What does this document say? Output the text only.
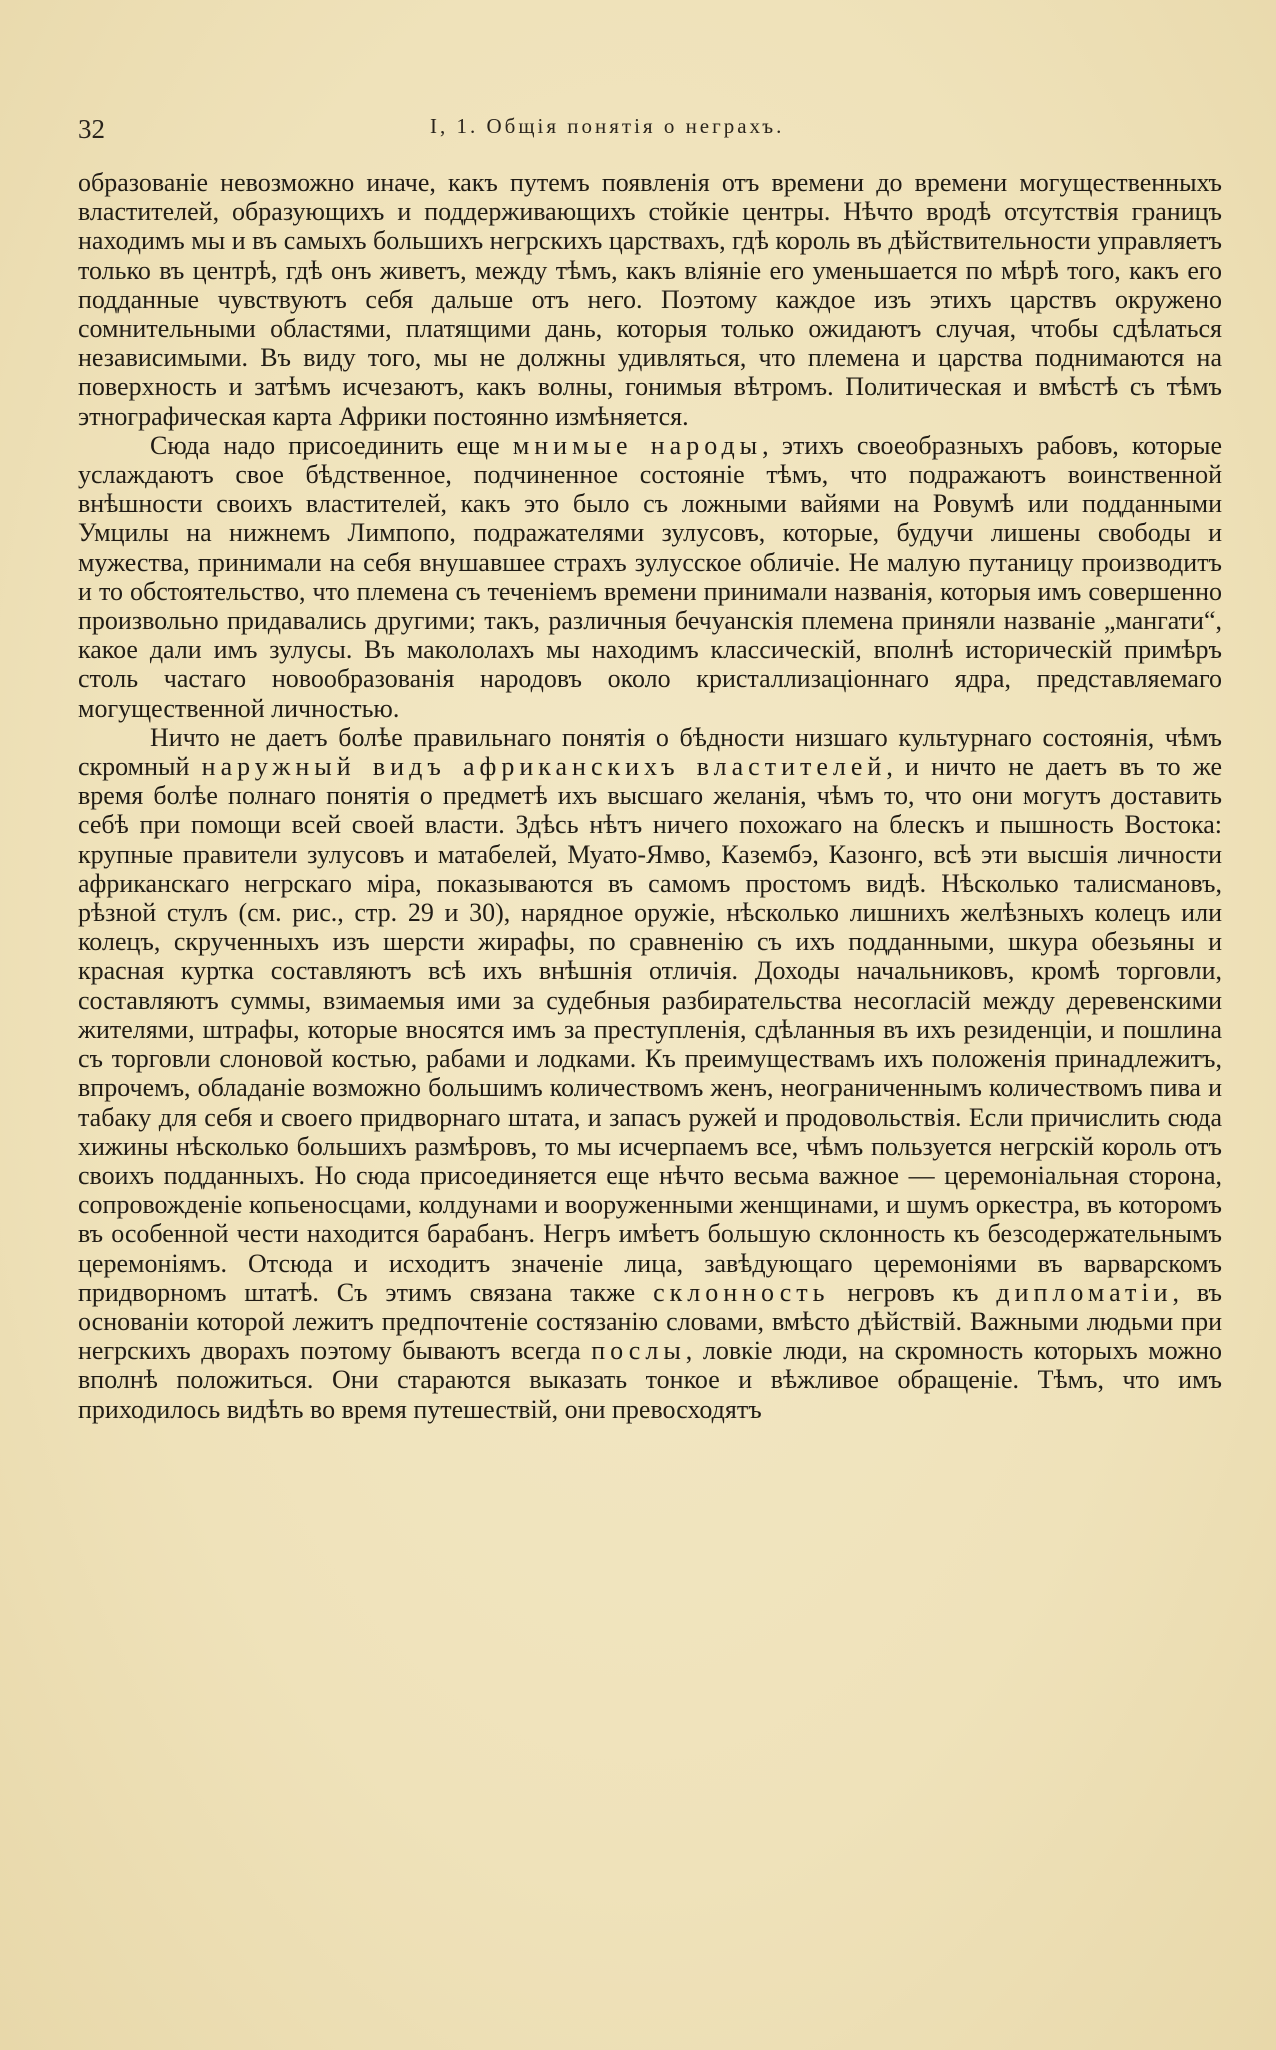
32	I, 1. Общія понятія о неграхъ.

образованіе невозможно иначе, какъ путемъ появленія отъ времени до времени могущественныхъ властителей, образующихъ и поддерживающихъ стойкіе центры. Нѣчто вродѣ отсутствія границъ находимъ мы и въ самыхъ большихъ негрскихъ царствахъ, гдѣ король въ дѣйствительности управляетъ только въ центрѣ, гдѣ онъ живетъ, между тѣмъ, какъ вліяніе его уменьшается по мѣрѣ того, какъ его подданные чувствуютъ себя дальше отъ него. Поэтому каждое изъ этихъ царствъ окружено сомнительными областями, платящими дань, которыя только ожидаютъ случая, чтобы сдѣлаться независимыми. Въ виду того, мы не должны удивляться, что племена и царства поднимаются на поверхность и затѣмъ исчезаютъ, какъ волны, гонимыя вѣтромъ. Политическая и вмѣстѣ съ тѣмъ этнографическая карта Африки постоянно измѣняется.

Сюда надо присоединить еще мнимые народы, этихъ своеобразныхъ рабовъ, которые услаждаютъ свое бѣдственное, подчиненное состояніе тѣмъ, что подражаютъ воинственной внѣшности своихъ властителей, какъ это было съ ложными вайями на Ровумѣ или подданными Умцилы на нижнемъ Лимпопо, подражателями зулусовъ, которые, будучи лишены свободы и мужества, принимали на себя внушавшее страхъ зулусское обличіе. Не малую путаницу производитъ и то обстоятельство, что племена съ теченіемъ времени принимали названія, которыя имъ совершенно произвольно придавались другими; такъ, различныя бечуанскія племена приняли названіе „мангати“, какое дали имъ зулусы. Въ макололахъ мы находимъ классическій, вполнѣ историческій примѣръ столь частаго новообразованія народовъ около кристаллизаціоннаго ядра, представляемаго могущественной личностью.

Ничто не даетъ болѣе правильнаго понятія о бѣдности низшаго культурнаго состоянія, чѣмъ скромный наружный видъ африканскихъ властителей, и ничто не даетъ въ то же время болѣе полнаго понятія о предметѣ ихъ высшаго желанія, чѣмъ то, что они могутъ доставить себѣ при помощи всей своей власти. Здѣсь нѣтъ ничего похожаго на блескъ и пышность Востока: крупные правители зулусовъ и матабелей, Муато-Ямво, Казембэ, Казонго, всѣ эти высшія личности африканскаго негрскаго міра, показываются въ самомъ простомъ видѣ. Нѣсколько талисмановъ, рѣзной стулъ (см. рис., стр. 29 и 30), нарядное оружіе, нѣсколько лишнихъ желѣзныхъ колецъ или колецъ, скрученныхъ изъ шерсти жирафы, по сравненію съ ихъ подданными, шкура обезьяны и красная куртка составляютъ всѣ ихъ внѣшнія отличія. Доходы начальниковъ, кромѣ торговли, составляютъ суммы, взимаемыя ими за судебныя разбирательства несогласій между деревенскими жителями, штрафы, которые вносятся имъ за преступленія, сдѣланныя въ ихъ резиденціи, и пошлина съ торговли слоновой костью, рабами и лодками. Къ преимуществамъ ихъ положенія принадлежитъ, впрочемъ, обладаніе возможно большимъ количествомъ женъ, неограниченнымъ количествомъ пива и табаку для себя и своего придворнаго штата, и запасъ ружей и продовольствія. Если причислить сюда хижины нѣсколько большихъ размѣровъ, то мы исчерпаемъ все, чѣмъ пользуется негрскій король отъ своихъ подданныхъ. Но сюда присоединяется еще нѣчто весьма важное — церемоніальная сторона, сопровожденіе копьеносцами, колдунами и вооруженными женщинами, и шумъ оркестра, въ которомъ въ особенной чести находится барабанъ. Негръ имѣетъ большую склонность къ безсодержательнымъ церемоніямъ. Отсюда и исходитъ значеніе лица, завѣдующаго церемоніями въ варварскомъ придворномъ штатѣ. Съ этимъ связана также склонность негровъ къ дипломатіи, въ основаніи которой лежитъ предпочтеніе состязанію словами, вмѣсто дѣйствій. Важными людьми при негрскихъ дворахъ поэтому бываютъ всегда послы, ловкіе люди, на скромность которыхъ можно вполнѣ положиться. Они стараются выказать тонкое и вѣжливое обращеніе. Тѣмъ, что имъ приходилось видѣть во время путешествій, они превосходятъ
